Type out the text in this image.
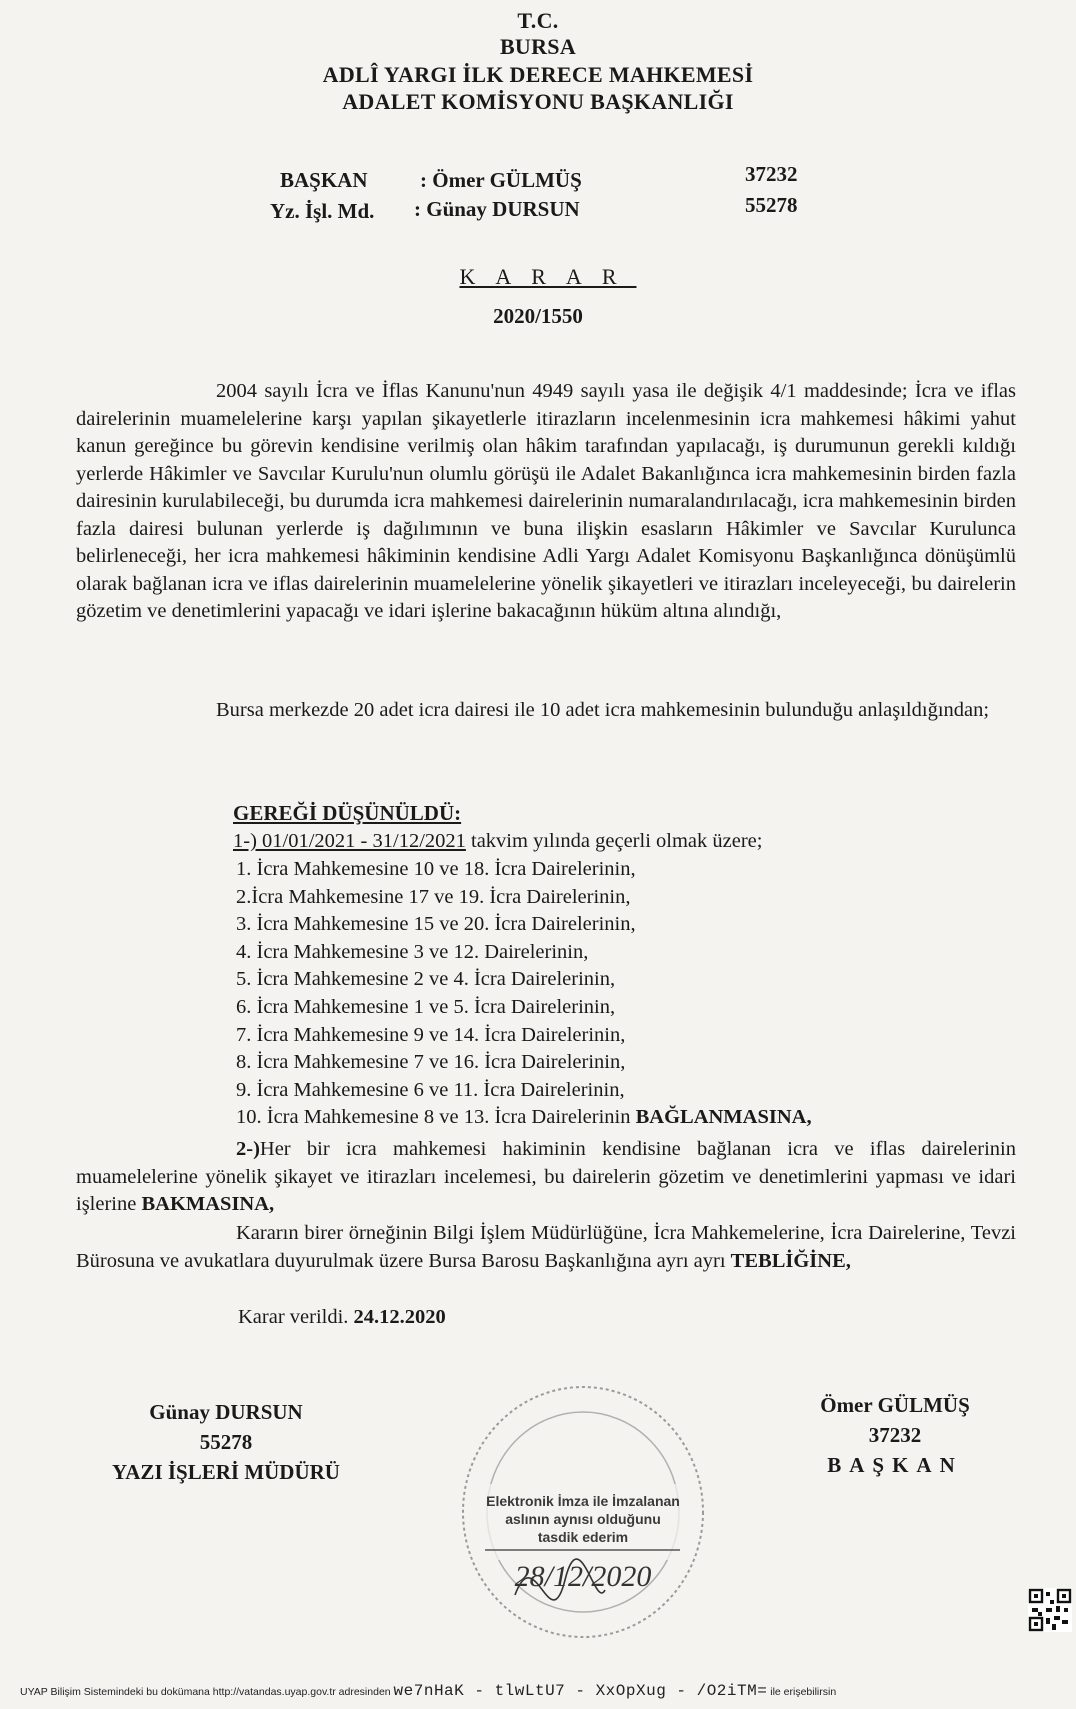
T.C.
BURSA
ADLÎ YARGI İLK DERECE MAHKEMESİ
ADALET KOMİSYONU BAŞKANLIĞI
BAŞKAN : Ömer GÜLMÜŞ	37232
Yz. İşl. Md. : Günay DURSUN	55278
KARAR
2020/1550

2004 sayılı İcra ve İflas Kanunu'nun 4949 sayılı yasa ile değişik 4/1 maddesinde; İcra ve iflas dairelerinin muamelelerine karşı yapılan şikayetlerle itirazların incelenmesinin icra mahkemesi hâkimi yahut kanun gereğince bu görevin kendisine verilmiş olan hâkim tarafından yapılacağı, iş durumunun gerekli kıldığı yerlerde Hâkimler ve Savcılar Kurulu'nun olumlu görüşü ile Adalet Bakanlığınca icra mahkemesinin birden fazla dairesinin kurulabileceği, bu durumda icra mahkemesi dairelerinin numaralandırılacağı, icra mahkemesinin birden fazla dairesi bulunan yerlerde iş dağılımının ve buna ilişkin esasların Hâkimler ve Savcılar Kurulunca belirleneceği, her icra mahkemesi hâkiminin kendisine Adli Yargı Adalet Komisyonu Başkanlığınca dönüşümlü olarak bağlanan icra ve iflas dairelerinin muamelelerine yönelik şikayetleri ve itirazları inceleyeceği, bu dairelerin gözetim ve denetimlerini yapacağı ve idari işlerine bakacağının hüküm altına alındığı,

Bursa merkezde 20 adet icra dairesi ile 10 adet icra mahkemesinin bulunduğu anlaşıldığından;

GEREĞİ DÜŞÜNÜLDÜ:
1-) 01/01/2021 - 31/12/2021 takvim yılında geçerli olmak üzere;
1. İcra Mahkemesine 10 ve 18. İcra Dairelerinin,
2.İcra Mahkemesine 17 ve 19. İcra Dairelerinin,
3. İcra Mahkemesine 15 ve 20. İcra Dairelerinin,
4. İcra Mahkemesine 3 ve 12. Dairelerinin,
5. İcra Mahkemesine 2 ve 4. İcra Dairelerinin,
6. İcra Mahkemesine 1 ve 5. İcra Dairelerinin,
7. İcra Mahkemesine 9 ve 14. İcra Dairelerinin,
8. İcra Mahkemesine 7 ve 16. İcra Dairelerinin,
9. İcra Mahkemesine 6 ve 11. İcra Dairelerinin,
10. İcra Mahkemesine 8 ve 13. İcra Dairelerinin BAĞLANMASINA,

2-)Her bir icra mahkemesi hakiminin kendisine bağlanan icra ve iflas dairelerinin muamelelerine yönelik şikayet ve itirazları incelemesi, bu dairelerin gözetim ve denetimlerini yapması ve idari işlerine BAKMASINA,

Kararın birer örneğinin Bilgi İşlem Müdürlüğüne, İcra Mahkemelerine, İcra Dairelerine, Tevzi Bürosuna ve avukatlara duyurulmak üzere Bursa Barosu Başkanlığına ayrı ayrı TEBLİĞİNE,

Karar verildi. 24.12.2020
Günay DURSUN
55278
YAZI İŞLERİ MÜDÜRÜ
Ömer GÜLMÜŞ
37232
BAŞKAN
Elektronik İmza ile İmzalanan
aslının aynısı olduğunu
tasdik ederim
28/12/2020
UYAP Bilişim Sistemindeki bu dokümana http://vatandas.uyap.gov.tr adresinden we7nHaK - tlwLtU7 - XxOpXug - /O2iTM= ile erişebilirsin
